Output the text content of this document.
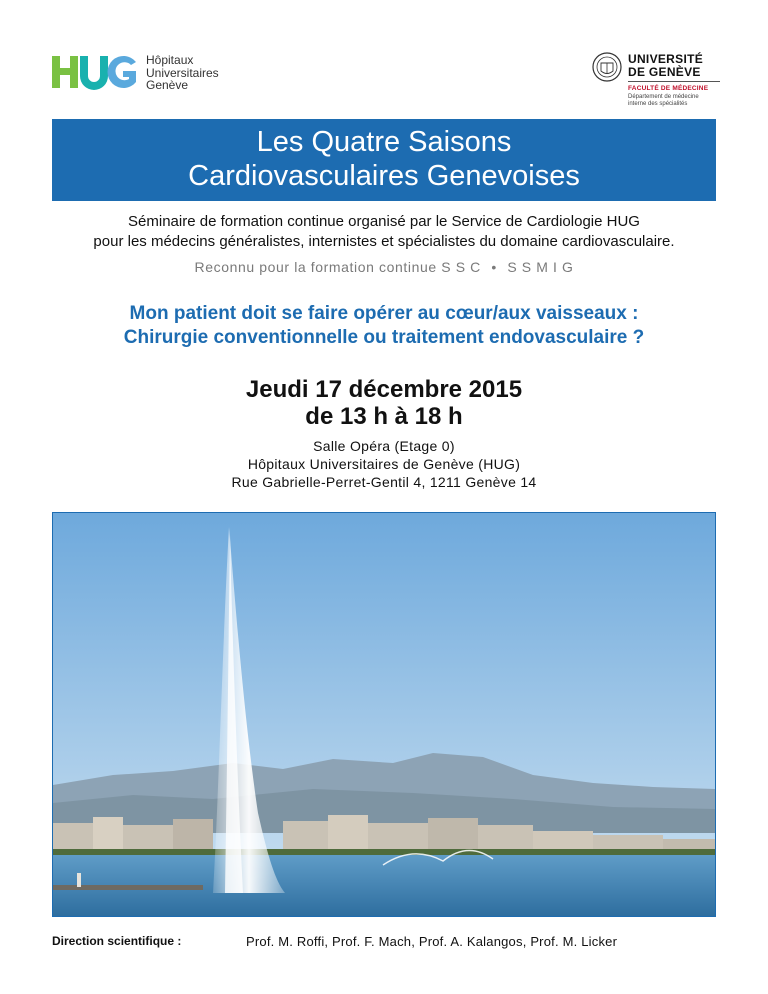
Hôpitaux
Universitaires
Genève
UNIVERSITÉ
DE GENÈVE
FACULTÉ DE MÉDECINE
Département de médecine
interne des spécialités
Les Quatre Saisons
Cardiovasculaires Genevoises
Séminaire de formation continue organisé par le Service de Cardiologie HUG
pour les médecins généralistes, internistes et spécialistes du domaine cardiovasculaire.
Reconnu pour la formation continue S S C • S S M I G
Mon patient doit se faire opérer au cœur/aux vaisseaux :
Chirurgie conventionnelle ou traitement endovasculaire ?
Jeudi 17 décembre 2015
de 13 h à 18 h
Salle Opéra (Etage 0)
Hôpitaux Universitaires de Genève (HUG)
Rue Gabrielle-Perret-Gentil 4, 1211 Genève 14
Direction scientifique :	Prof. M. Roffi, Prof. F. Mach, Prof. A. Kalangos, Prof. M. Licker
